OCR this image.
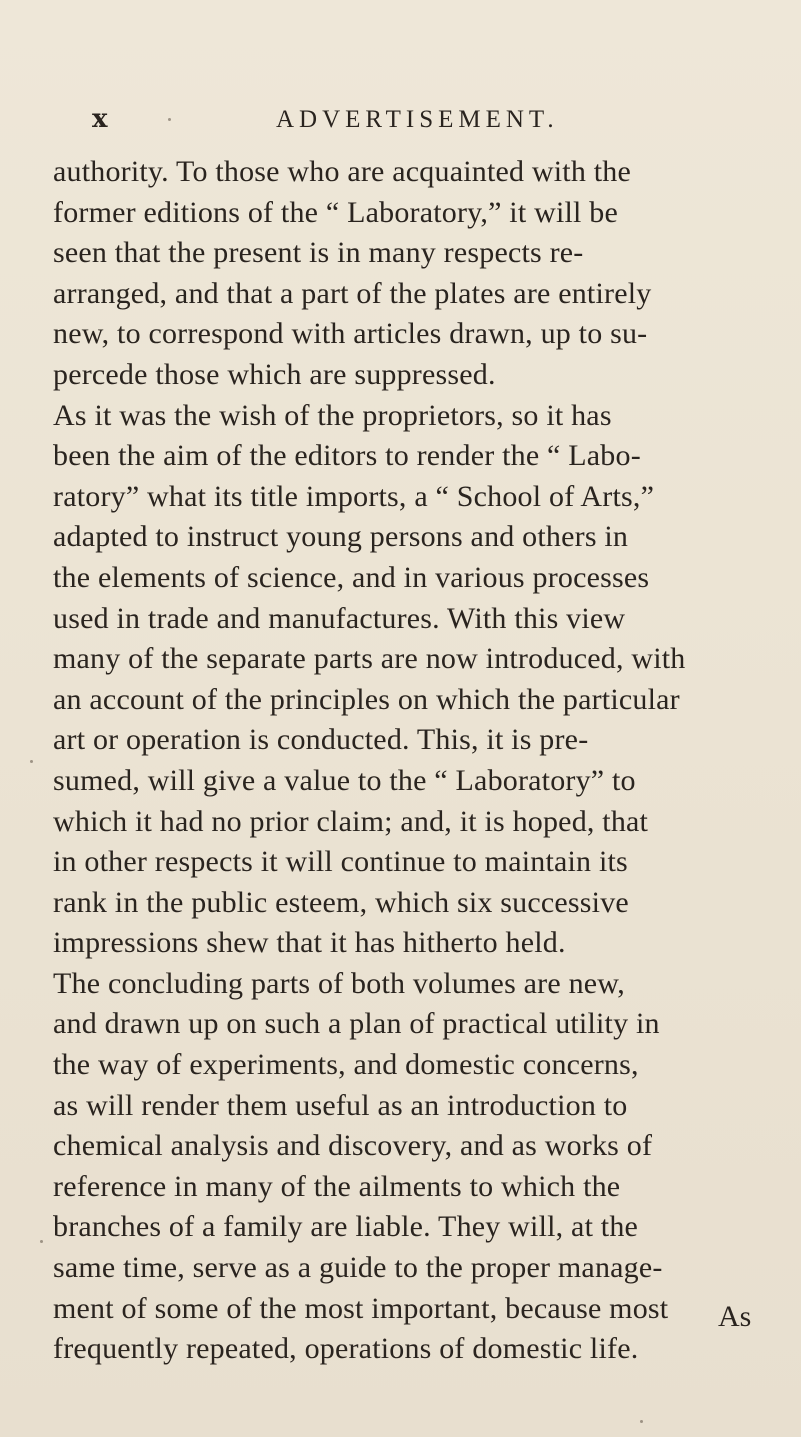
x	ADVERTISEMENT.
authority. To those who are acquainted with the
former editions of the “ Laboratory,” it will be
seen that the present is in many respects re-
arranged, and that a part of the plates are entirely
new, to correspond with articles drawn, up to su-
percede those which are suppressed.
As it was the wish of the proprietors, so it has
been the aim of the editors to render the “ Labo-
ratory” what its title imports, a “ School of Arts,”
adapted to instruct young persons and others in
the elements of science, and in various processes
used in trade and manufactures. With this view
many of the separate parts are now introduced, with
an account of the principles on which the particular
art or operation is conducted. This, it is pre-
sumed, will give a value to the “ Laboratory” to
which it had no prior claim; and, it is hoped, that
in other respects it will continue to maintain its
rank in the public esteem, which six successive
impressions shew that it has hitherto held.
The concluding parts of both volumes are new,
and drawn up on such a plan of practical utility in
the way of experiments, and domestic concerns,
as will render them useful as an introduction to
chemical analysis and discovery, and as works of
reference in many of the ailments to which the
branches of a family are liable. They will, at the
same time, serve as a guide to the proper manage-
ment of some of the most important, because most
frequently repeated, operations of domestic life.
As
